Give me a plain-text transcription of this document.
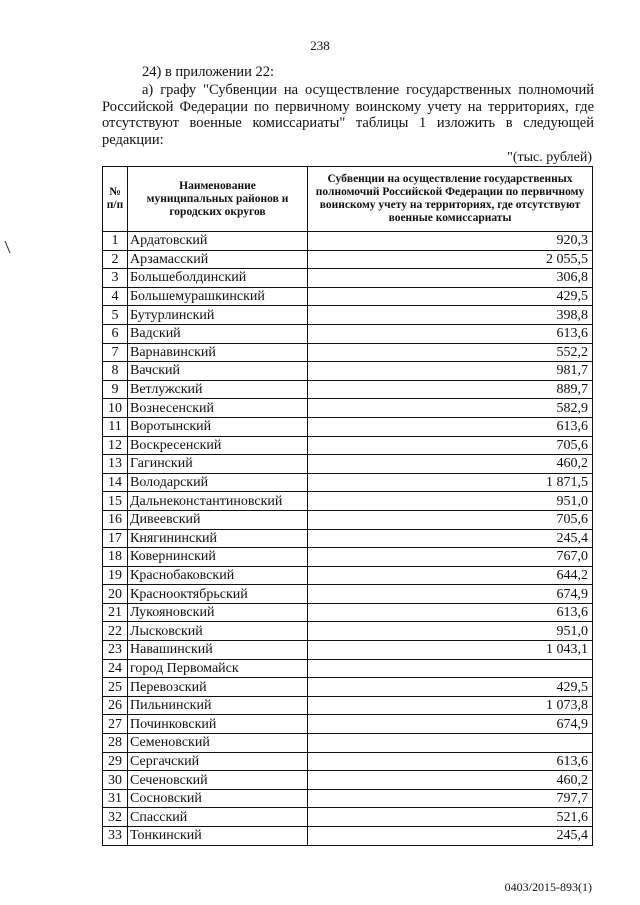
238
24) в приложении 22:
а) графу "Субвенции на осуществление государственных полномочий Российской Федерации по первичному воинскому учету на территориях, где отсутствуют военные комиссариаты" таблицы 1 изложить в следующей редакции:
"(тыс. рублей)
№ п/п	Наименование муниципальных районов и городских округов	Субвенции на осуществление государственных полномочий Российской Федерации по первичному воинскому учету на территориях, где отсутствуют военные комиссариаты
1	Ардатовский	920,3
2	Арзамасский	2 055,5
3	Большеболдинский	306,8
4	Большемурашкинский	429,5
5	Бутурлинский	398,8
6	Вадский	613,6
7	Варнавинский	552,2
8	Вачский	981,7
9	Ветлужский	889,7
10	Вознесенский	582,9
11	Воротынский	613,6
12	Воскресенский	705,6
13	Гагинский	460,2
14	Володарский	1 871,5
15	Дальнеконстантиновский	951,0
16	Дивеевский	705,6
17	Княгининский	245,4
18	Ковернинский	767,0
19	Краснобаковский	644,2
20	Краснооктябрьский	674,9
21	Лукояновский	613,6
22	Лысковский	951,0
23	Навашинский	1 043,1
24	город Первомайск	
25	Перевозский	429,5
26	Пильнинский	1 073,8
27	Починковский	674,9
28	Семеновский	
29	Сергачский	613,6
30	Сеченовский	460,2
31	Сосновский	797,7
32	Спасский	521,6
33	Тонкинский	245,4
0403/2015-893(1)
